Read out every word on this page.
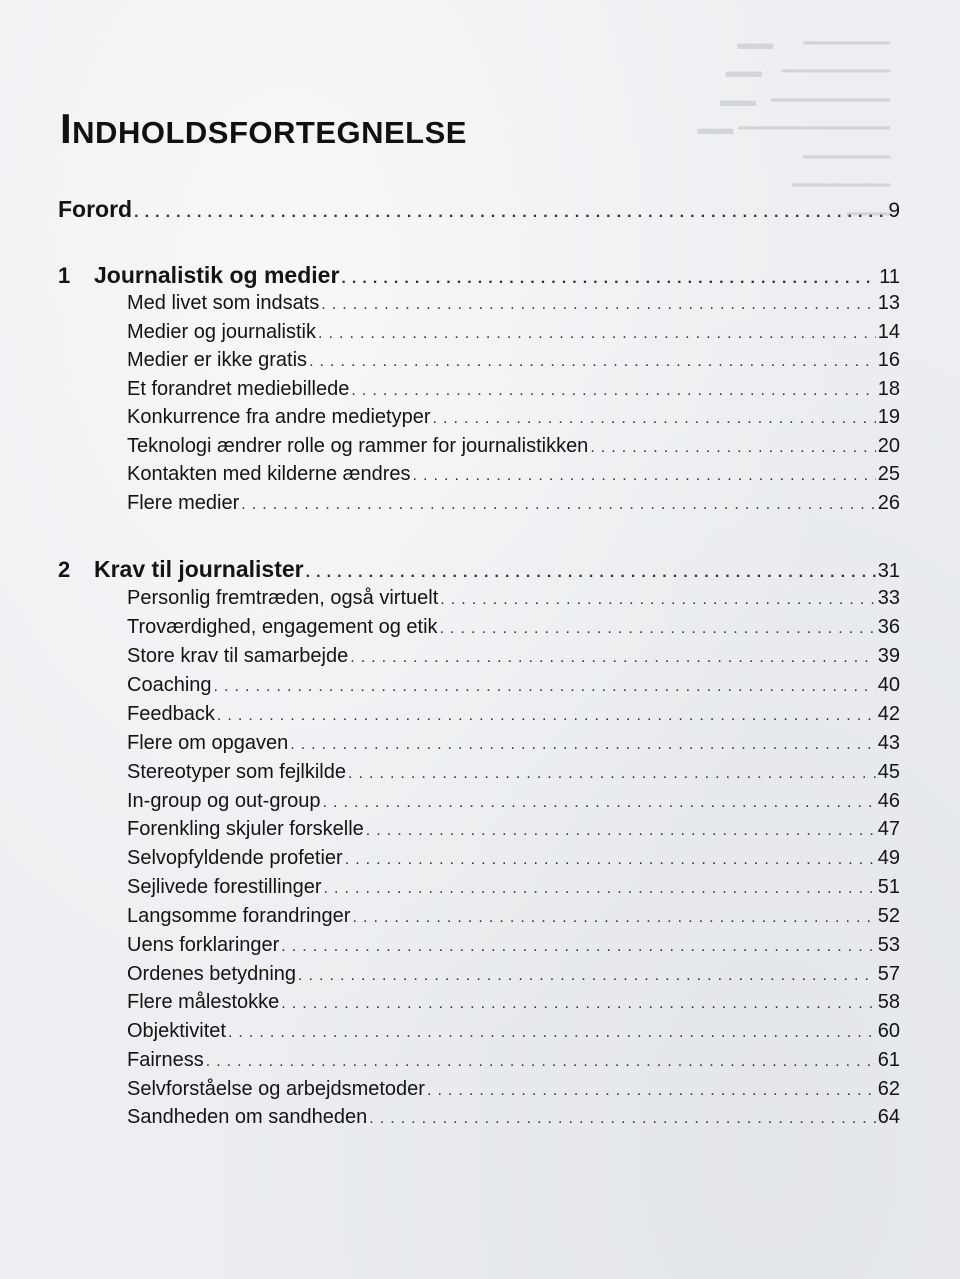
━━━━━━━━      ▬▬
━━━━━━━━━━    ▬▬
━━━━━━━━━━━   ▬▬
━━━━━━━━━━━━━━ ▬▬
━━━━━━━━
━━━━━━━━━
━━━━
INDHOLDSFORTEGNELSE
Forord . . .	9
1	Journalistik og medier . . .	11
Med livet som indsats . . .	13
Medier og journalistik . . .	14
Medier er ikke gratis . . .	16
Et forandret mediebillede . . .	18
Konkurrence fra andre medietyper . . .	19
Teknologi ændrer rolle og rammer for journalistikken . . .	20
Kontakten med kilderne ændres . . .	25
Flere medier . . .	26
2	Krav til journalister . . .	31
Personlig fremtræden, også virtuelt . . .	33
Troværdighed, engagement og etik . . .	36
Store krav til samarbejde . . .	39
Coaching . . .	40
Feedback . . .	42
Flere om opgaven . . .	43
Stereotyper som fejlkilde . . .	45
In-group og out-group . . .	46
Forenkling skjuler forskelle . . .	47
Selvopfyldende profetier . . .	49
Sejlivede forestillinger . . .	51
Langsomme forandringer . . .	52
Uens forklaringer . . .	53
Ordenes betydning . . .	57
Flere målestokke . . .	58
Objektivitet . . .	60
Fairness . . .	61
Selvforståelse og arbejdsmetoder . . .	62
Sandheden om sandheden . . .	64
